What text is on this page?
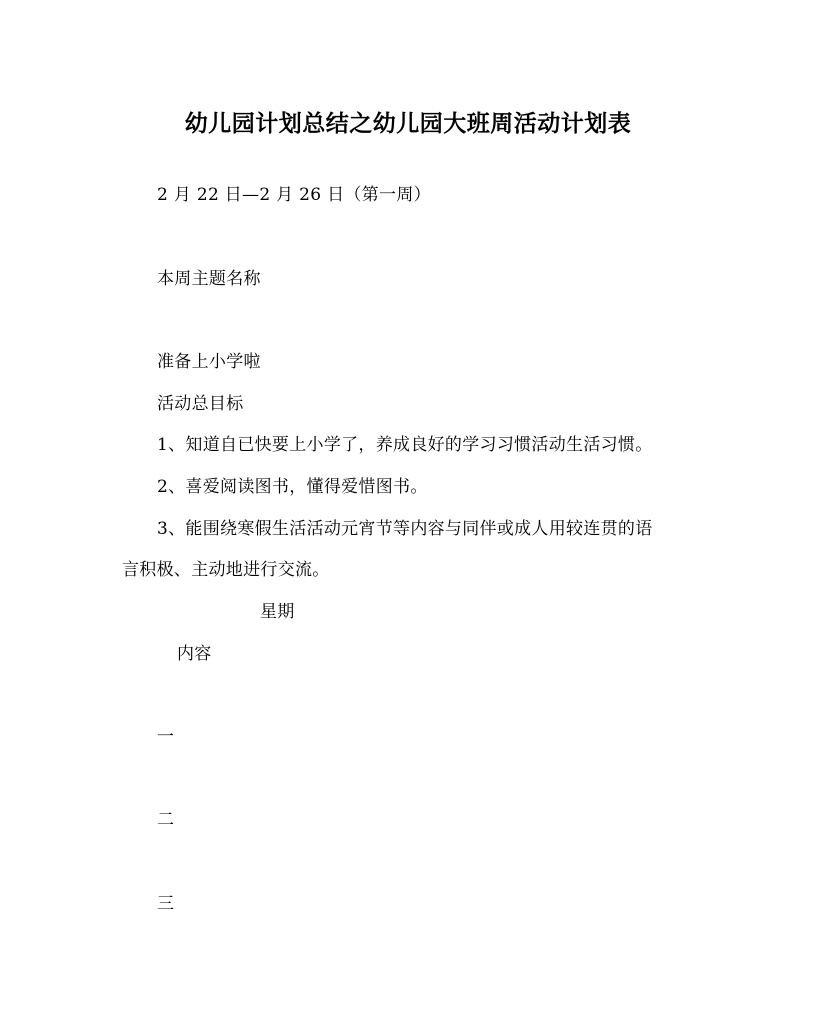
幼儿园计划总结之幼儿园大班周活动计划表
2 月 22 日—2 月 26 日（第一周）
本周主题名称
准备上小学啦
活动总目标
1、知道自已快要上小学了，养成良好的学习习惯活动生活习惯。
2、喜爱阅读图书，懂得爱惜图书。
3、能围绕寒假生活活动元宵节等内容与同伴或成人用较连贯的语
言积极、主动地进行交流。
星期
内容
一
二
三
